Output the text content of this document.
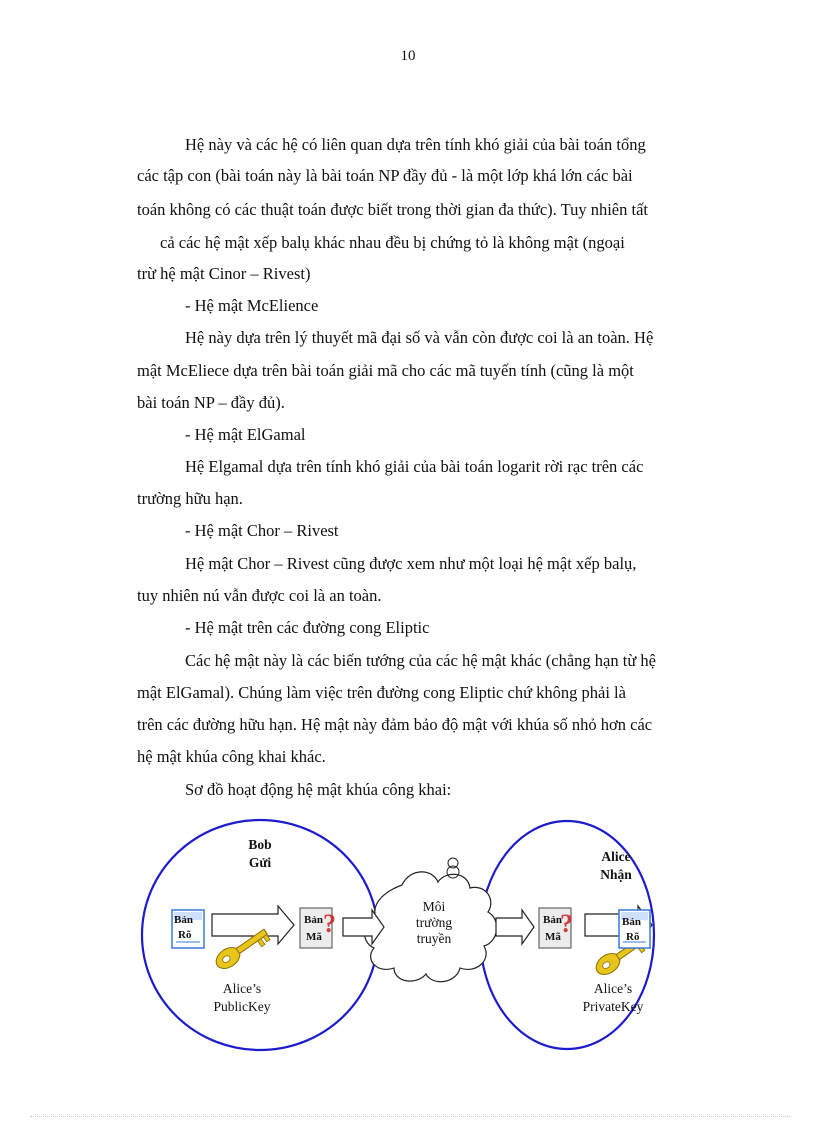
10
Hệ này và các hệ có liên quan dựa trên tính khó giải của bài toán tổng
các tập con (bài toán này là bài toán NP đầy đủ - là một lớp khá lớn các bài
toán không có các thuật toán được biết trong thời gian đa thức). Tuy nhiên tất
cả các hệ mật xếp balụ khác nhau đều bị chứng tỏ là không mật (ngoại
trừ hệ mật Cinor – Rivest)
- Hệ mật McElience
Hệ này dựa trên lý thuyết mã đại số và vẫn còn được coi là an toàn. Hệ
mật McEliece dựa trên bài toán giải mã cho các mã tuyến tính (cũng là một
bài toán NP – đầy đủ).
- Hệ mật ElGamal
Hệ Elgamal dựa trên tính khó giải của bài toán logarit rời rạc trên các
trường hữu hạn.
- Hệ mật Chor – Rivest
Hệ mật Chor – Rivest cũng được xem như một loại hệ mật xếp balụ,
tuy nhiên nú vẫn được coi là an toàn.
- Hệ mật trên các đường cong Eliptic
Các hệ mật này là các biến tướng của các hệ mật khác (chẳng hạn từ hệ
mật ElGamal). Chúng làm việc trên đường cong Eliptic chứ không phải là
trên các đường hữu hạn. Hệ mật này đảm bảo độ mật với khúa số nhỏ hơn các
hệ mật khúa công khai khác.
Sơ đồ hoạt động hệ mật khúa công khai:
?	?
Bob
Gửi	Alice
Nhận
Bản
Rõ
Bản
Mã
Môi
trường
truyền
Bản
Mã
Bản
Rõ
Alice’s
PublicKey
Alice’s
PrivateKey
